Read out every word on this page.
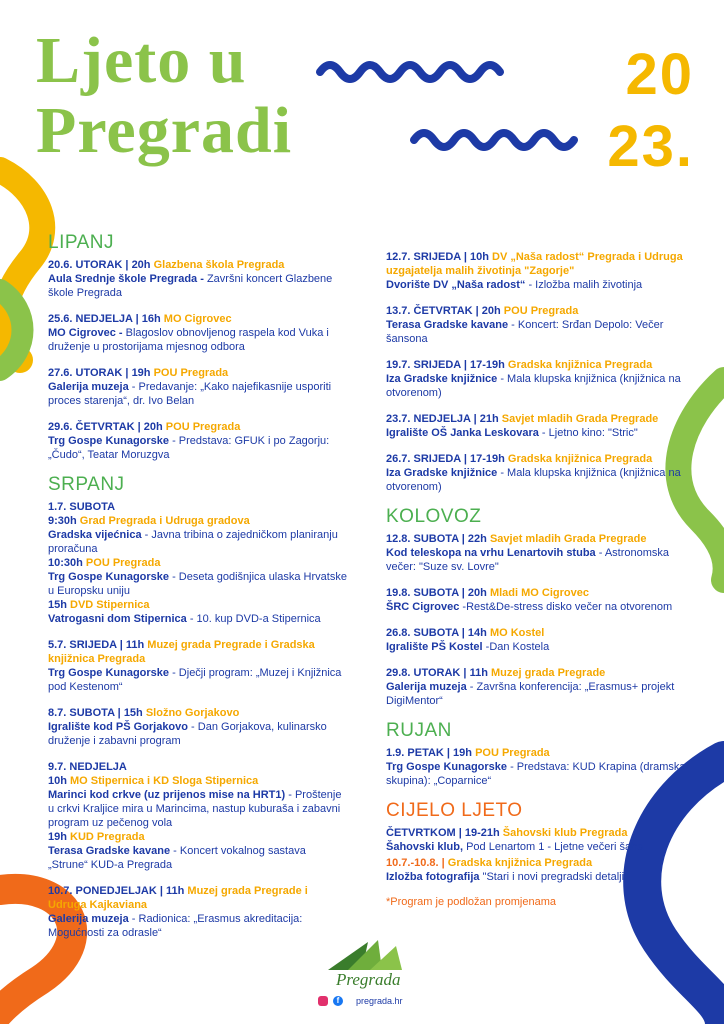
Ljeto u
Pregradi
20
23.
LIPANJ
20.6. UTORAK | 20h Glazbena škola Pregrada
Aula Srednje škole Pregrada - Završni koncert Glazbene škole Pregrada
25.6. NEDJELJA | 16h MO Cigrovec
MO Cigrovec - Blagoslov obnovljenog raspela kod Vuka i druženje u prostorijama mjesnog odbora
27.6. UTORAK | 19h POU Pregrada
Galerija muzeja - Predavanje: „Kako najefikasnije usporiti proces starenja“, dr. Ivo Belan
29.6. ČETVRTAK | 20h POU Pregrada
Trg Gospe Kunagorske - Predstava: GFUK i po Zagorju: „Čudo“, Teatar Moruzgva
SRPANJ
1.7. SUBOTA
9:30h Grad Pregrada i Udruga gradova
Gradska vijećnica - Javna tribina o zajedničkom planiranju proračuna
10:30h POU Pregrada
Trg Gospe Kunagorske - Deseta godišnjica ulaska Hrvatske u Europsku uniju
15h DVD Stipernica
Vatrogasni dom Stipernica - 10. kup DVD-a Stipernica
5.7. SRIJEDA | 11h Muzej grada Pregrade i Gradska knjižnica Pregrada
Trg Gospe Kunagorske - Dječji program: „Muzej i Knjižnica pod Kestenom“
8.7. SUBOTA | 15h Složno Gorjakovo
Igralište kod PŠ Gorjakovo - Dan Gorjakova, kulinarsko druženje i zabavni program
9.7. NEDJELJA
10h MO Stipernica i KD Sloga Stipernica
Marinci kod crkve (uz prijenos mise na HRT1) - Proštenje u crkvi Kraljice mira u Marincima, nastup kuburaša i zabavni program uz pečenog vola
19h KUD Pregrada
Terasa Gradske kavane - Koncert vokalnog sastava „Strune“ KUD-a Pregrada
10.7. PONEDJELJAK | 11h Muzej grada Pregrade i Udruga Kajkaviana
Galerija muzeja - Radionica: „Erasmus akreditacija: Mogućnosti za odrasle“
12.7. SRIJEDA | 10h DV „Naša radost“ Pregrada i Udruga uzgajatelja malih životinja "Zagorje"
Dvorište DV „Naša radost“ - Izložba malih životinja
13.7. ČETVRTAK | 20h POU Pregrada
Terasa Gradske kavane - Koncert: Srđan Depolo: Večer šansona
19.7. SRIJEDA | 17-19h Gradska knjižnica Pregrada
Iza Gradske knjižnice - Mala klupska knjižnica (knjižnica na otvorenom)
23.7. NEDJELJA | 21h Savjet mladih Grada Pregrade
Igralište OŠ Janka Leskovara - Ljetno kino: "Stric"
26.7. SRIJEDA | 17-19h Gradska knjižnica Pregrada
Iza Gradske knjižnice - Mala klupska knjižnica (knjižnica na otvorenom)
KOLOVOZ
12.8. SUBOTA | 22h Savjet mladih Grada Pregrade
Kod teleskopa na vrhu Lenartovih stuba - Astronomska večer: "Suze sv. Lovre"
19.8. SUBOTA | 20h Mladi MO Cigrovec
ŠRC Cigrovec -Rest&De-stress disko večer na otvorenom
26.8. SUBOTA | 14h MO Kostel
Igralište PŠ Kostel -Dan Kostela
29.8. UTORAK | 11h Muzej grada Pregrade
Galerija muzeja - Završna konferencija: „Erasmus+ projekt DigiMentor“
RUJAN
1.9. PETAK | 19h POU Pregrada
Trg Gospe Kunagorske - Predstava: KUD Krapina (dramska skupina): „Coparnice“
CIJELO LJETO
ČETVRTKOM | 19-21h Šahovski klub Pregrada
Šahovski klub, Pod Lenartom 1 - Ljetne večeri šaha
10.7.-10.8. | Gradska knjižnica Pregrada
Izložba fotografija "Stari i novi pregradski detalji"
*Program je podložan promjenama
Pregrada
f	pregrada.hr
